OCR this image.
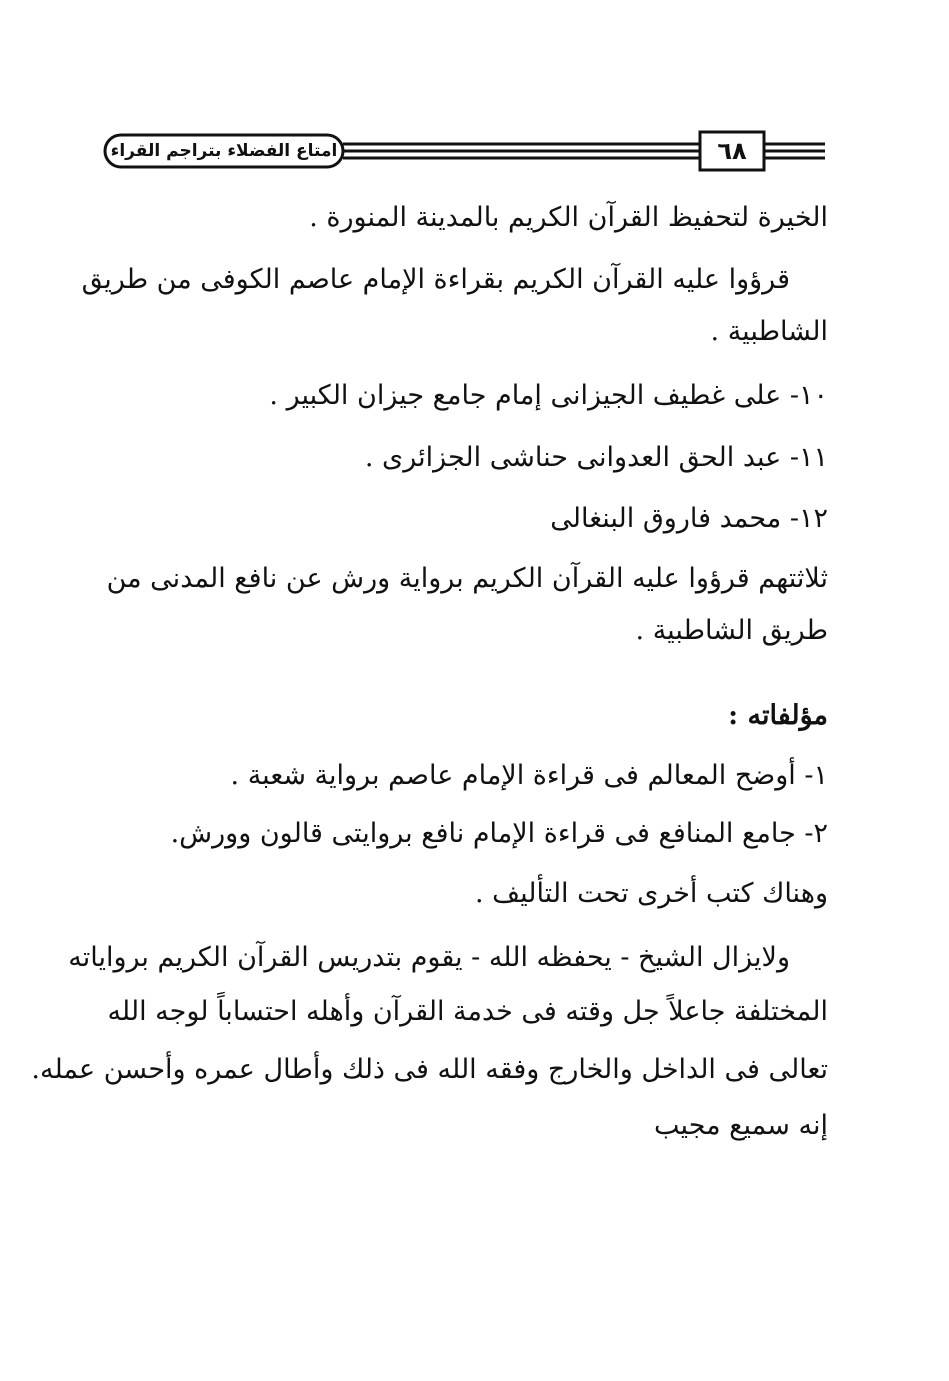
امتاع الفضلاء بتراجم القراء	٦٨
الخيرة لتحفيظ القرآن الكريم بالمدينة المنورة .
قرؤوا عليه القرآن الكريم بقراءة الإمام عاصم الكوفى من طريق
الشاطبية .
١٠- على غطيف الجيزانى إمام جامع جيزان الكبير .
١١- عبد الحق العدوانى حناشى الجزائرى .
١٢- محمد فاروق البنغالى
ثلاثتهم قرؤوا عليه القرآن الكريم برواية ورش عن نافع المدنى من
طريق الشاطبية .
مؤلفاته :
١- أوضح المعالم فى قراءة الإمام عاصم برواية شعبة .
٢- جامع المنافع فى قراءة الإمام نافع بروايتى قالون وورش.
وهناك كتب أخرى تحت التأليف .
ولايزال الشيخ - يحفظه الله - يقوم بتدريس القرآن الكريم برواياته
المختلفة جاعلاً جل وقته فى خدمة القرآن وأهله احتساباً لوجه الله
تعالى فى الداخل والخارج وفقه الله فى ذلك وأطال عمره وأحسن عمله.
إنه سميع مجيب
